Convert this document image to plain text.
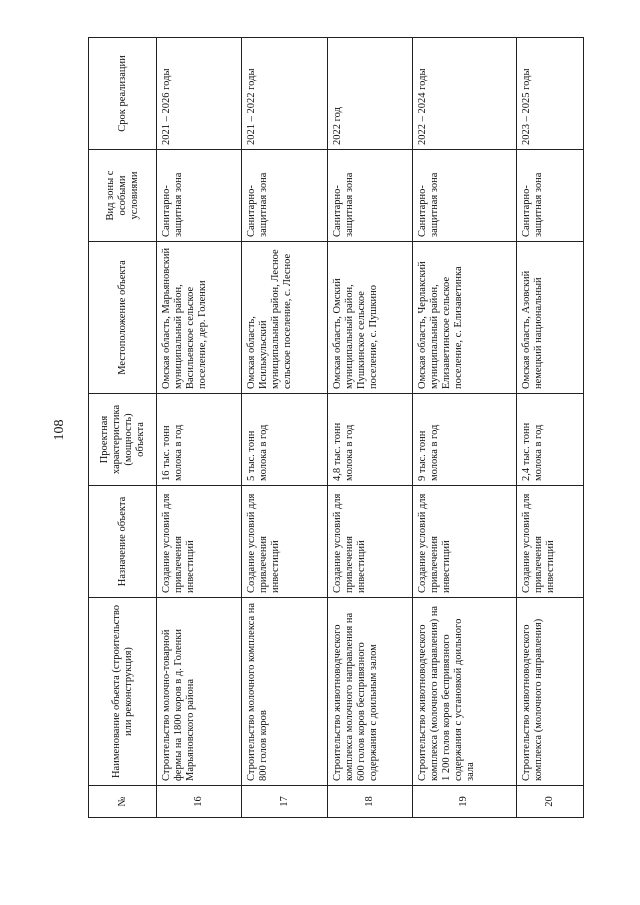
108
№	Наименование объекта (строительство или реконструкция)	Назначение объекта	Проектная характеристика (мощность) объекта	Местоположение объекта	Вид зоны с особыми условиями	Срок реализации
16	Строительство молочно-товарной фермы на 1800 коров в д. Голенки Марьяновского района	Создание условий для привлечения инвестиций	16 тыс. тонн молока в год	Омская область, Марьяновский муниципальный район, Васильевское сельское поселение, дер. Голенки	Санитарно-защитная зона	2021 – 2026 годы
17	Строительство молочного комплекса на 800 голов коров	Создание условий для привлечения инвестиций	5 тыс. тонн молока в год	Омская область, Исилькульский муниципальный район, Лесное сельское поселение, с. Лесное	Санитарно-защитная зона	2021 – 2022 годы
18	Строительство животноводческого комплекса молочного направления на 600 голов коров беспривязного содержания с доильным залом	Создание условий для привлечения инвестиций	4,8 тыс. тонн молока в год	Омская область, Омский муниципальный район, Пушкинское сельское поселение, с. Пушкино	Санитарно-защитная зона	2022 год
19	Строительство животноводческого комплекса (молочного направления) на 1 200 голов коров беспривязного содержания с установкой доильного зала	Создание условий для привлечения инвестиций	9 тыс. тонн молока в год	Омская область, Черлакский муниципальный район, Елизаветинское сельское поселение, с. Елизаветинка	Санитарно-защитная зона	2022 – 2024 годы
20	Строительство животноводческого комплекса (молочного направления)	Создание условий для привлечения инвестиций	2,4 тыс. тонн молока в год	Омская область, Азовский немецкий национальный	Санитарно-защитная зона	2023 – 2025 годы
